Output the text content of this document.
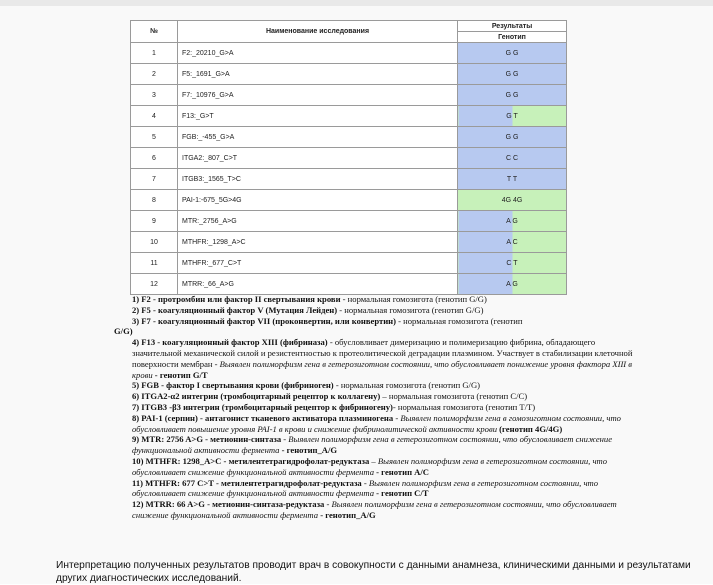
№	Наименование исследования	Результаты
		Генотип
1	F2:_20210_G>A	G G
2	F5:_1691_G>A	G G
3	F7:_10976_G>A	G G
4	F13:_G>T	G T
5	FGB:_-455_G>A	G G
6	ITGA2:_807_C>T	C C
7	ITGB3:_1565_T>C	T T
8	PAI-1:-675_5G>4G	4G 4G
9	MTR:_2756_A>G	A G
10	MTHFR:_1298_A>C	A C
11	MTHFR:_677_C>T	C T
12	MTRR:_66_A>G	A G
1) F2 - протромбин или фактор II свертывания крови - нормальная гомозигота (генотип G/G)
2) F5 - коагуляционный фактор V (Мутация Лейден) - нормальная гомозигота (генотип G/G)
3) F7 - коагуляционный фактор VII (проконвертин, или конвертин) - нормальная гомозигота (генотип
G/G)
4) F13 - коагуляционный фактор XIII (фибриназа) - обусловливает димеризацию и полимеризацию фибрина, обладающего значительной механической силой и резистентностью к протеолитической деградации плазмином. Участвует в стабилизации клеточной поверхности мембран - Выявлен полиморфизм гена в гетерозиготном состоянии, что обусловливает понижение уровня фактора XIII в крови - генотип G/T
5) FGB - фактор I свертывания крови (фибриноген) - нормальная гомозигота (генотип G/G)
6) ITGA2-α2 интегрин (тромбоцитарный рецептор к коллагену) – нормальная гомозигота (генотип С/С)
7) ITGB3 -β3 интегрин (тромбоцитарный рецептор к фибриногену)- нормальная гомозигота (генотип T/T)
8) PAI-1 (серпин) - антагонист тканевого активатора плазминогена - Выявлен полиморфизм гена в гомозиготном состоянии, что обусловливает повышение уровня PAI-1 в крови и снижение фибринолитической активности крови (генотип 4G/4G)
9) MTR: 2756 A>G - метионин-синтаза - Выявлен полиморфизм гена в гетерозиготном состоянии, что обусловливает снижение функциональной активности фермента - генотип_A/G
10) MTHFR: 1298_A>C - метилентетрагидрофолат-редуктаза – Выявлен полиморфизм гена в гетерозиготном состоянии, что обусловливает снижение функциональной активности фермента - генотип A/C
11) MTHFR: 677 C>T - метилентетрагидрофолат-редуктаза - Выявлен полиморфизм гена в гетерозиготном состоянии, что обусловливает снижение функциональной активности фермента - генотип C/T
12) MTRR: 66 A>G - метионин-синтаза-редуктаза - Выявлен полиморфизм гена в гетерозиготном состоянии, что обусловливает снижение функциональной активности фермента - генотип_A/G
Интерпретацию полученных результатов проводит врач в совокупности с данными анамнеза, клиническими данными и результатами других диагностических исследований.
